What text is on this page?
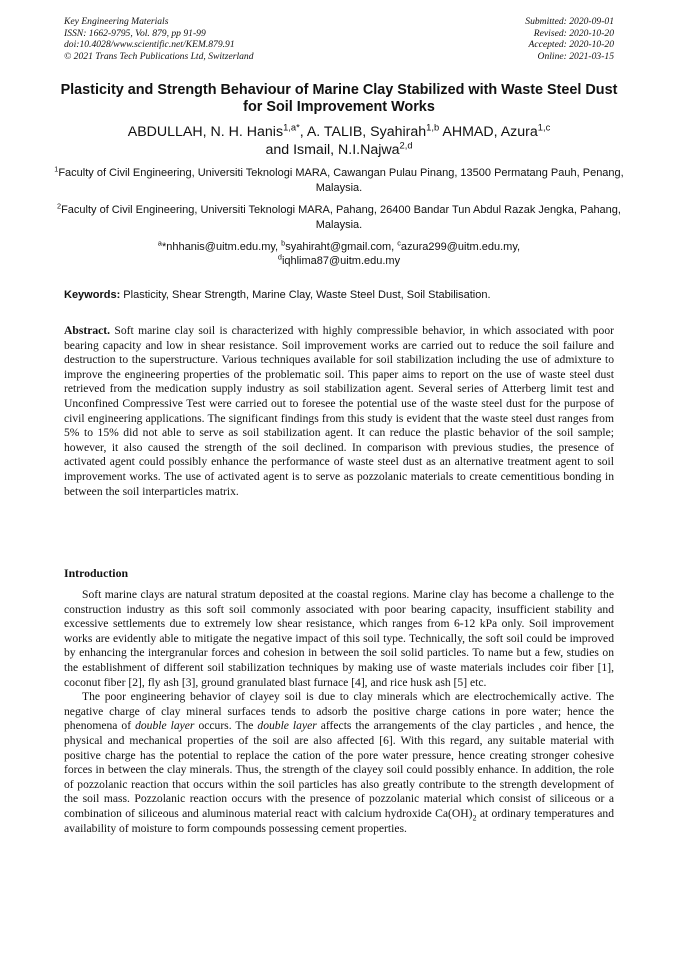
Key Engineering Materials
ISSN: 1662-9795, Vol. 879, pp 91-99
doi:10.4028/www.scientific.net/KEM.879.91
© 2021 Trans Tech Publications Ltd, Switzerland
Submitted: 2020-09-01
Revised: 2020-10-20
Accepted: 2020-10-20
Online: 2021-03-15
Plasticity and Strength Behaviour of Marine Clay Stabilized with Waste Steel Dust for Soil Improvement Works
ABDULLAH, N. H. Hanis$^{1,a*}$, A. TALIB, Syahirah$^{1,b}$ AHMAD, Azura$^{1,c}$
and Ismail, N.I.Najwa$^{2,d}$
$^1$Faculty of Civil Engineering, Universiti Teknologi MARA, Cawangan Pulau Pinang, 13500 Permatang Pauh, Penang, Malaysia.
$^2$Faculty of Civil Engineering, Universiti Teknologi MARA, Pahang, 26400 Bandar Tun Abdul Razak Jengka, Pahang, Malaysia.
$^a$*nhhanis@uitm.edu.my, $^b$syahiraht@gmail.com, $^c$azura299@uitm.edu.my,
$^d$iqhlima87@uitm.edu.my
Keywords: Plasticity, Shear Strength, Marine Clay, Waste Steel Dust, Soil Stabilisation.

Abstract. Soft marine clay soil is characterized with highly compressible behavior, in which associated with poor bearing capacity and low in shear resistance. Soil improvement works are carried out to reduce the soil failure and destruction to the superstructure. Various techniques available for soil stabilization including the use of admixture to improve the engineering properties of the problematic soil. This paper aims to report on the use of waste steel dust retrieved from the medication supply industry as soil stabilization agent. Several series of Atterberg limit test and Unconfined Compressive Test were carried out to foresee the potential use of the waste steel dust for the purpose of civil engineering applications. The significant findings from this study is evident that the waste steel dust ranges from 5% to 15% did not able to serve as soil stabilization agent. It can reduce the plastic behavior of the soil sample; however, it also caused the strength of the soil declined. In comparison with previous studies, the presence of activated agent could possibly enhance the performance of waste steel dust as an alternative treatment agent to soil improvement works. The use of activated agent is to serve as pozzolanic materials to create cementitious bonding in between the soil interparticles matrix.

Introduction

Soft marine clays are natural stratum deposited at the coastal regions. Marine clay has become a challenge to the construction industry as this soft soil commonly associated with poor bearing capacity, insufficient stability and excessive settlements due to extremely low shear resistance, which ranges from 6-12 kPa only. Soil improvement works are evidently able to mitigate the negative impact of this soil type. Technically, the soft soil could be improved by enhancing the intergranular forces and cohesion in between the soil solid particles. To name but a few, studies on the establishment of different soil stabilization techniques by making use of waste materials includes coir fiber [1], coconut fiber [2], fly ash [3], ground granulated blast furnace [4], and rice husk ash [5] etc.

The poor engineering behavior of clayey soil is due to clay minerals which are electrochemically active. The negative charge of clay mineral surfaces tends to adsorb the positive charge cations in pore water; hence the phenomena of double layer occurs. The double layer affects the arrangements of the clay particles , and hence, the physical and mechanical properties of the soil are also affected [6]. With this regard, any suitable material with positive charge has the potential to replace the cation of the pore water pressure, hence creating stronger cohesive forces in between the clay minerals. Thus, the strength of the clayey soil could possibly enhance. In addition, the role of pozzolanic reaction that occurs within the soil particles has also greatly contribute to the strength development of the soil mass. Pozzolanic reaction occurs with the presence of pozzolanic material which consist of siliceous or a combination of siliceous and aluminous material react with calcium hydroxide $Ca(OH)_2$ at ordinary temperatures and availability of moisture to form compounds possessing cement properties.
